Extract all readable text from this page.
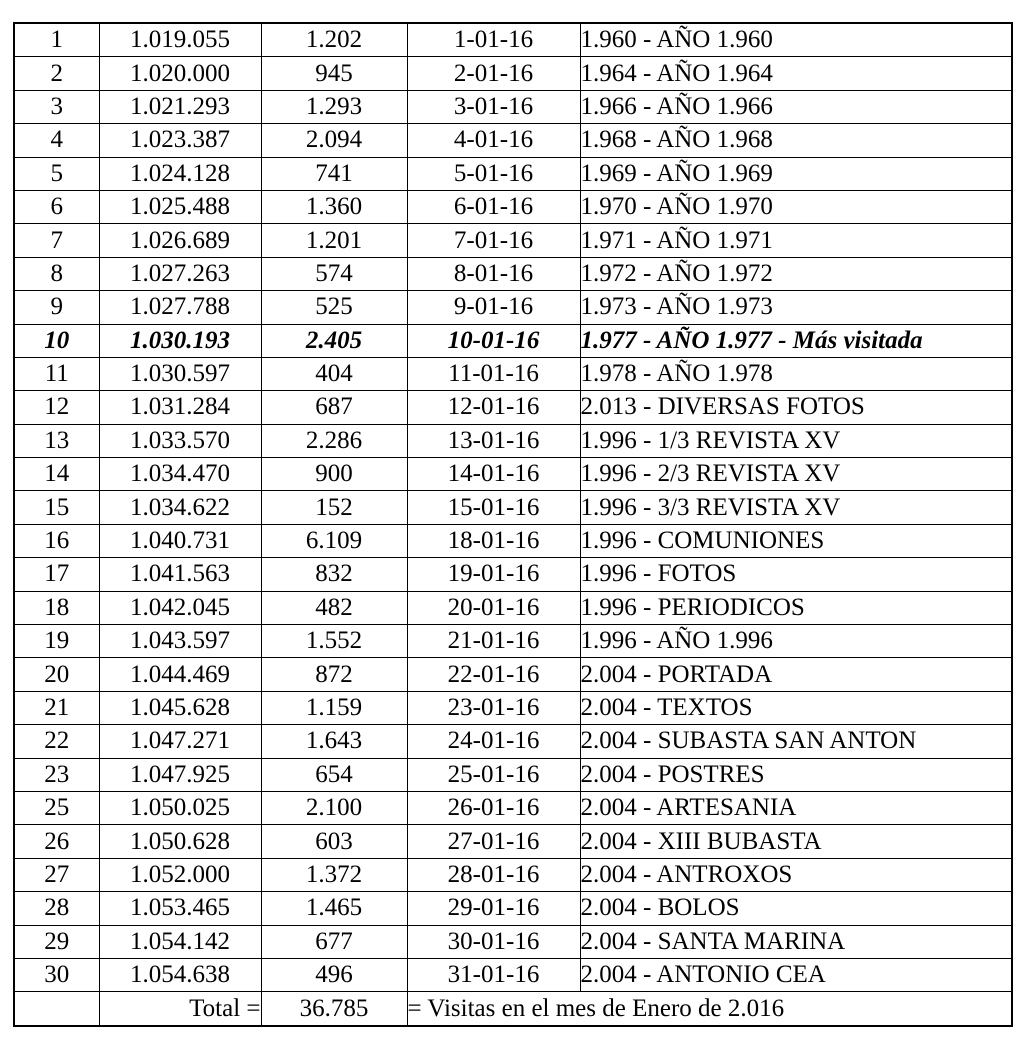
1	1.019.055	1.202	1-01-16	1.960 - AÑO 1.960
2	1.020.000	945	2-01-16	1.964 - AÑO 1.964
3	1.021.293	1.293	3-01-16	1.966 - AÑO 1.966
4	1.023.387	2.094	4-01-16	1.968 - AÑO 1.968
5	1.024.128	741	5-01-16	1.969 - AÑO 1.969
6	1.025.488	1.360	6-01-16	1.970 - AÑO 1.970
7	1.026.689	1.201	7-01-16	1.971 - AÑO 1.971
8	1.027.263	574	8-01-16	1.972 - AÑO 1.972
9	1.027.788	525	9-01-16	1.973 - AÑO 1.973
10	1.030.193	2.405	10-01-16	1.977 - AÑO 1.977 - Más visitada
11	1.030.597	404	11-01-16	1.978 - AÑO 1.978
12	1.031.284	687	12-01-16	2.013 - DIVERSAS FOTOS
13	1.033.570	2.286	13-01-16	1.996 - 1/3 REVISTA XV
14	1.034.470	900	14-01-16	1.996 - 2/3 REVISTA XV
15	1.034.622	152	15-01-16	1.996 - 3/3 REVISTA XV
16	1.040.731	6.109	18-01-16	1.996 - COMUNIONES
17	1.041.563	832	19-01-16	1.996 - FOTOS
18	1.042.045	482	20-01-16	1.996 - PERIODICOS
19	1.043.597	1.552	21-01-16	1.996 - AÑO 1.996
20	1.044.469	872	22-01-16	2.004 - PORTADA
21	1.045.628	1.159	23-01-16	2.004 - TEXTOS
22	1.047.271	1.643	24-01-16	2.004 - SUBASTA SAN ANTON
23	1.047.925	654	25-01-16	2.004 - POSTRES
25	1.050.025	2.100	26-01-16	2.004 - ARTESANIA
26	1.050.628	603	27-01-16	2.004 - XIII BUBASTA
27	1.052.000	1.372	28-01-16	2.004 - ANTROXOS
28	1.053.465	1.465	29-01-16	2.004 - BOLOS
29	1.054.142	677	30-01-16	2.004 - SANTA MARINA
30	1.054.638	496	31-01-16	2.004 - ANTONIO CEA
	Total =	36.785	= Visitas en el mes de Enero de 2.016	
